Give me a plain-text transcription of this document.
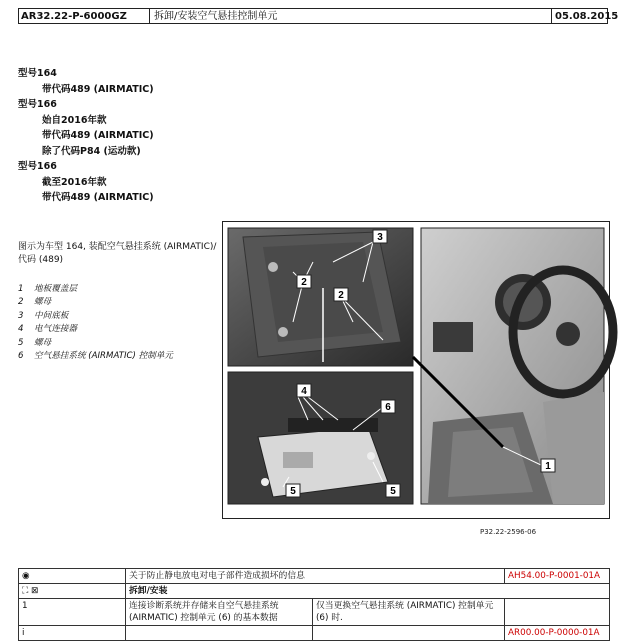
AR32.22-P-6000GZ	拆卸/安装空气悬挂控制单元	05.08.2015
型号164
带代码489 (AIRMATIC)
型号166
始自2016年款
带代码489 (AIRMATIC)
除了代码P84 (运动款)
型号166
截至2016年款
带代码489 (AIRMATIC)
图示为车型 164, 装配空气悬挂系统 (AIRMATIC)/代码 (489)
1 地板覆盖层
2 螺母
3 中间底板
4 电气连接器
5 螺母
6 空气悬挂系统 (AIRMATIC) 控制单元
3
2
2
4
6
5	5
1
P32.22-2596-06
◉	关于防止静电放电对电子部件造成损坏的信息		AH54.00-P-0001-01A
⛶ ⊠	拆卸/安装		
1	连接诊断系统并存储来自空气悬挂系统 (AIRMATIC) 控制单元 (6) 的基本数据	仅当更换空气悬挂系统 (AIRMATIC) 控制单元 (6) 时.	
i			AR00.00-P-0000-01A
